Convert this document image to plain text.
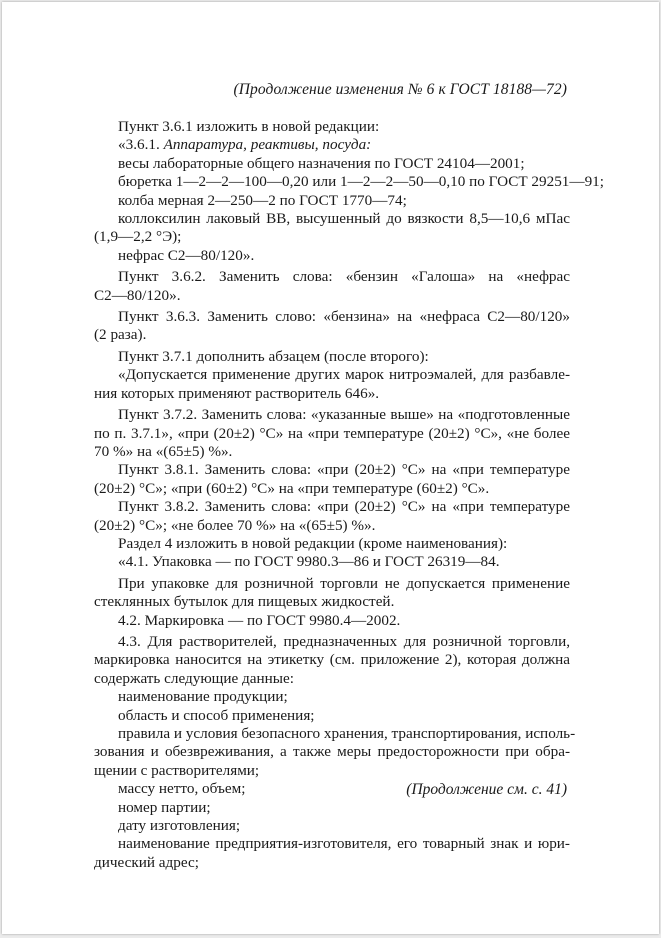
(Продолжение изменения № 6 к ГОСТ 18188—72)

Пункт 3.6.1 изложить в новой редакции:

«3.6.1. Аппаратура, реактивы, посуда:

весы лабораторные общего назначения по ГОСТ 24104—2001;

бюретка 1—2—2—100—0,20 или 1—2—2—50—0,10 по ГОСТ 29251—91;

колба мерная 2—250—2 по ГОСТ 1770—74;

коллоксилин лаковый ВВ, высушенный до вязкости 8,5—10,6 мПас
(1,9—2,2 °Э);

нефрас С2—80/120».

Пункт 3.6.2. Заменить слова: «бензин «Галоша» на «нефрас
С2—80/120».

Пункт 3.6.3. Заменить слово: «бензина» на «нефраса С2—80/120»
(2 раза).

Пункт 3.7.1 дополнить абзацем (после второго):

«Допускается применение других марок нитроэмалей, для разбавле-
ния которых применяют растворитель 646».

Пункт 3.7.2. Заменить слова: «указанные выше» на «подготовленные
по п. 3.7.1», «при (20±2) °С» на «при температуре (20±2) °С», «не более
70 %» на «(65±5) %».

Пункт 3.8.1. Заменить слова: «при (20±2) °С» на «при температуре
(20±2) °С»; «при (60±2) °С» на «при температуре (60±2) °С».

Пункт 3.8.2. Заменить слова: «при (20±2) °С» на «при температуре
(20±2) °С»; «не более 70 %» на «(65±5) %».

Раздел 4 изложить в новой редакции (кроме наименования):

«4.1. Упаковка — по ГОСТ 9980.3—86 и ГОСТ 26319—84.

При упаковке для розничной торговли не допускается применение
стеклянных бутылок для пищевых жидкостей.

4.2. Маркировка — по ГОСТ 9980.4—2002.

4.3. Для растворителей, предназначенных для розничной торговли,
маркировка наносится на этикетку (см. приложение 2), которая должна
содержать следующие данные:

наименование продукции;

область и способ применения;

правила и условия безопасного хранения, транспортирования, исполь-
зования и обезвреживания, а также меры предосторожности при обра-
щении с растворителями;

массу нетто, объем;

номер партии;

дату изготовления;

наименование предприятия-изготовителя, его товарный знак и юри-
дический адрес;

(Продолжение см. с. 41)
